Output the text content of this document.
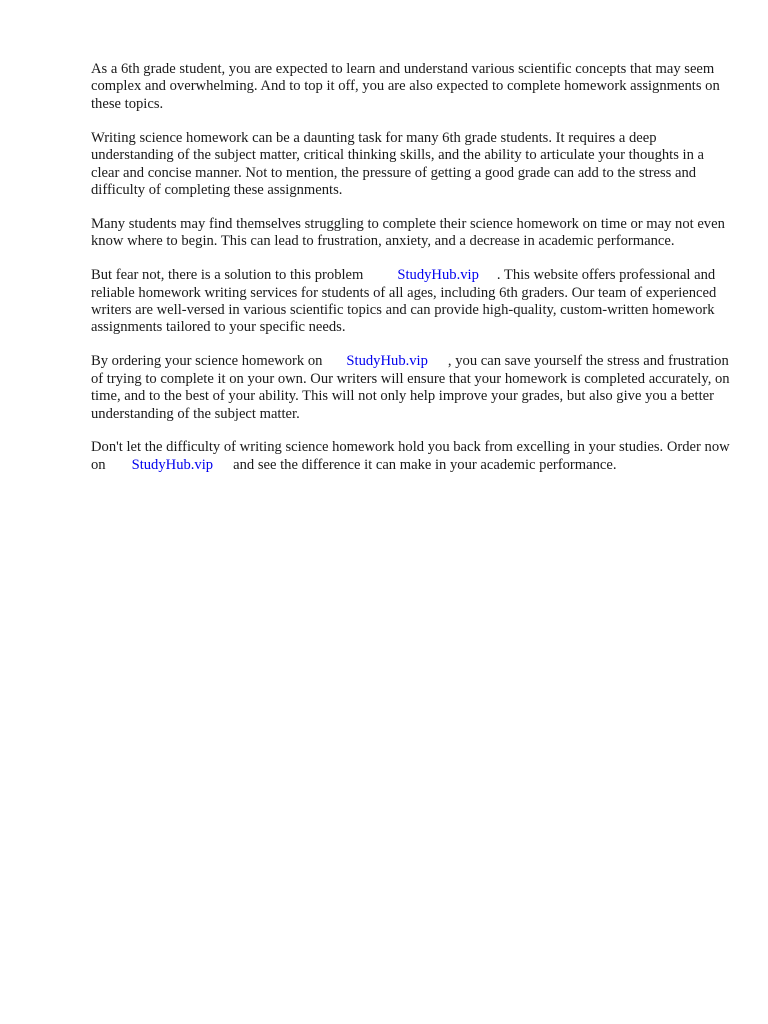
As a 6th grade student, you are expected to learn and understand various scientific concepts that may seem complex and overwhelming. And to top it off, you are also expected to complete homework assignments on these topics.

Writing science homework can be a daunting task for many 6th grade students. It requires a deep understanding of the subject matter, critical thinking skills, and the ability to articulate your thoughts in a clear and concise manner. Not to mention, the pressure of getting a good grade can add to the stress and difficulty of completing these assignments.

Many students may find themselves struggling to complete their science homework on time or may not even know where to begin. This can lead to frustration, anxiety, and a decrease in academic performance.

But fear not, there is a solution to this problem StudyHub.vip . This website offers professional and reliable homework writing services for students of all ages, including 6th graders. Our team of experienced writers are well-versed in various scientific topics and can provide high-quality, custom-written homework assignments tailored to your specific needs.

By ordering your science homework on StudyHub.vip , you can save yourself the stress and frustration of trying to complete it on your own. Our writers will ensure that your homework is completed accurately, on time, and to the best of your ability. This will not only help improve your grades, but also give you a better understanding of the subject matter.

Don't let the difficulty of writing science homework hold you back from excelling in your studies. Order now on StudyHub.vip and see the difference it can make in your academic performance.
